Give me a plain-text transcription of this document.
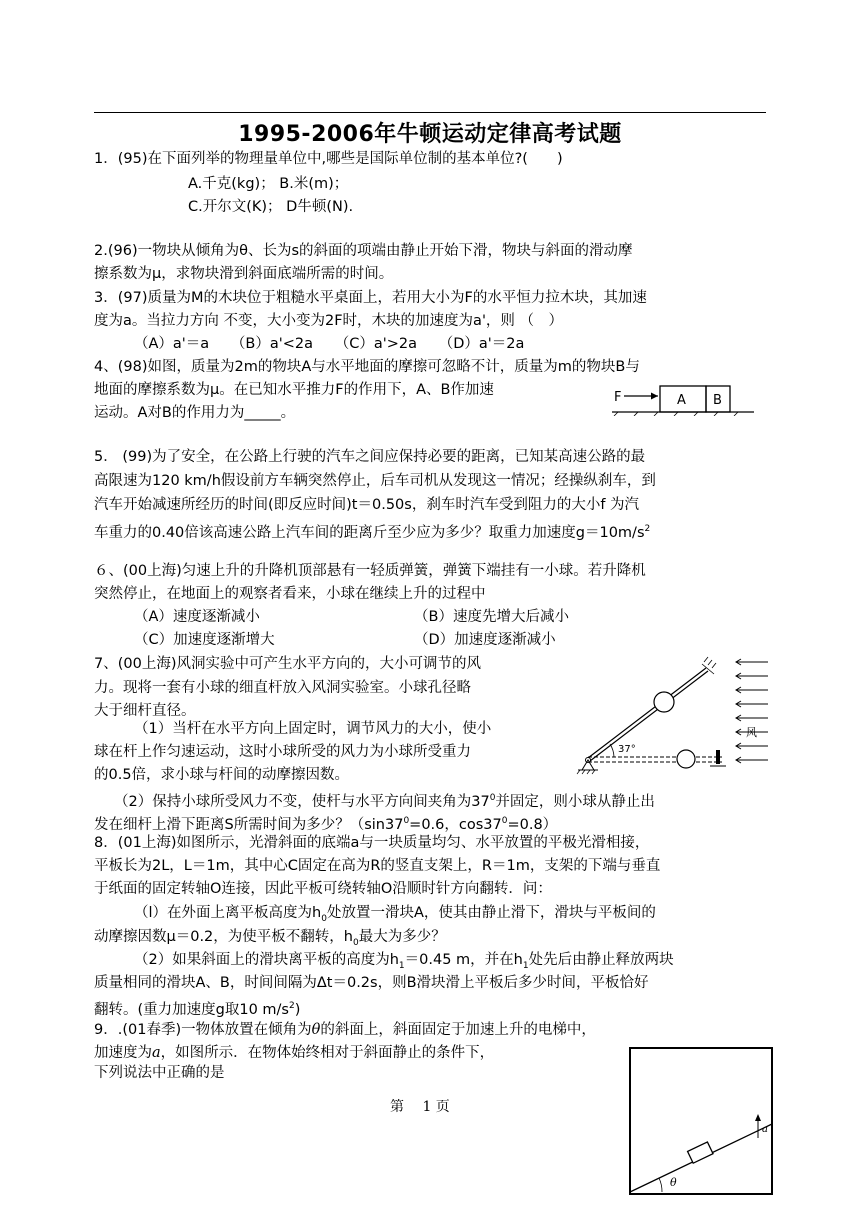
1995-2006年牛顿运动定律高考试题
1．(95)在下面列举的物理量单位中,哪些是国际单位制的基本单位?(　　)
A.千克(kg)； B.米(m)；
C.开尔文(K)； D牛顿(N).
2.(96)一物块从倾角为θ、长为s的斜面的项端由静止开始下滑，物块与斜面的滑动摩
擦系数为μ，求物块滑到斜面底端所需的时间。
3．(97)质量为M的木块位于粗糙水平桌面上，若用大小为F的水平恒力拉木块，其加速
度为a。当拉力方向 不变，大小变为2F时，木块的加速度为a'，则 （　）
（A）a'＝a　　（B）a'<2a　　（C）a'>2a　　（D）a'＝2a
4、(98)如图，质量为2m的物块A与水平地面的摩擦可忽略不计，质量为m的物块B与
地面的摩擦系数为μ。在已知水平推力F的作用下，A、B作加速
运动。A对B的作用力为_____。
F	A B
5． (99)为了安全，在公路上行驶的汽车之间应保持必要的距离，已知某高速公路的最
高限速为120 km/h假设前方车辆突然停止，后车司机从发现这一情况；经操纵刹车，到
汽车开始减速所经历的时间(即反应时间)t＝0.50s，刹车时汽车受到阻力的大小f 为汽
车重力的0.40倍该高速公路上汽车间的距离斤至少应为多少？取重力加速度$g=10m/s^2$
６、(00上海)匀速上升的升降机顶部悬有一轻质弹簧，弹簧下端挂有一小球。若升降机
突然停止，在地面上的观察者看来，小球在继续上升的过程中
（A）速度逐渐减小	（B）速度先增大后减小
（C）加速度逐渐增大	（D）加速度逐渐减小
7、(00上海)风洞实验中可产生水平方向的，大小可调节的风
力。现将一套有小球的细直杆放入风洞实验室。小球孔径略
大于细杆直径。
（1）当杆在水平方向上固定时，调节风力的大小，使小
球在杆上作匀速运动，这时小球所受的风力为小球所受重力
的0.5倍，求小球与杆间的动摩擦因数。
（2）保持小球所受风力不变，使杆与水平方向间夹角为$37^0$并固定，则小球从静止出
发在细杆上滑下距离S所需时间为多少？（$\sin 37^0=0.6$，$\cos 37^0=0.8$）
风
37°
8．(01上海)如图所示，光滑斜面的底端a与一块质量均匀、水平放置的平极光滑相接，
平板长为2L，L＝1m，其中心C固定在高为R的竖直支架上，R＝1m，支架的下端与垂直
于纸面的固定转轴O连接，因此平板可绕转轴O沿顺时针方向翻转．问：
（l）在外面上离平板高度为$h_0$处放置一滑块A，使其由静止滑下，滑块与平板间的
动摩擦因数μ＝0.2，为使平板不翻转，$h_0$最大为多少？
（2）如果斜面上的滑块离平板的高度为$h_1=0.45$ m，并在$h_1$处先后由静止释放两块
质量相同的滑块A、B，时间间隔为Δt＝0.2s，则B滑块滑上平板后多少时间，平板恰好
翻转。(重力加速度g取10 $m/s^2$)
9．.(01春季)一物体放置在倾角为θ的斜面上，斜面固定于加速上升的电梯中，
加速度为a，如图所示．在物体始终相对于斜面静止的条件下，
下列说法中正确的是
θ
a
第　 1 页
